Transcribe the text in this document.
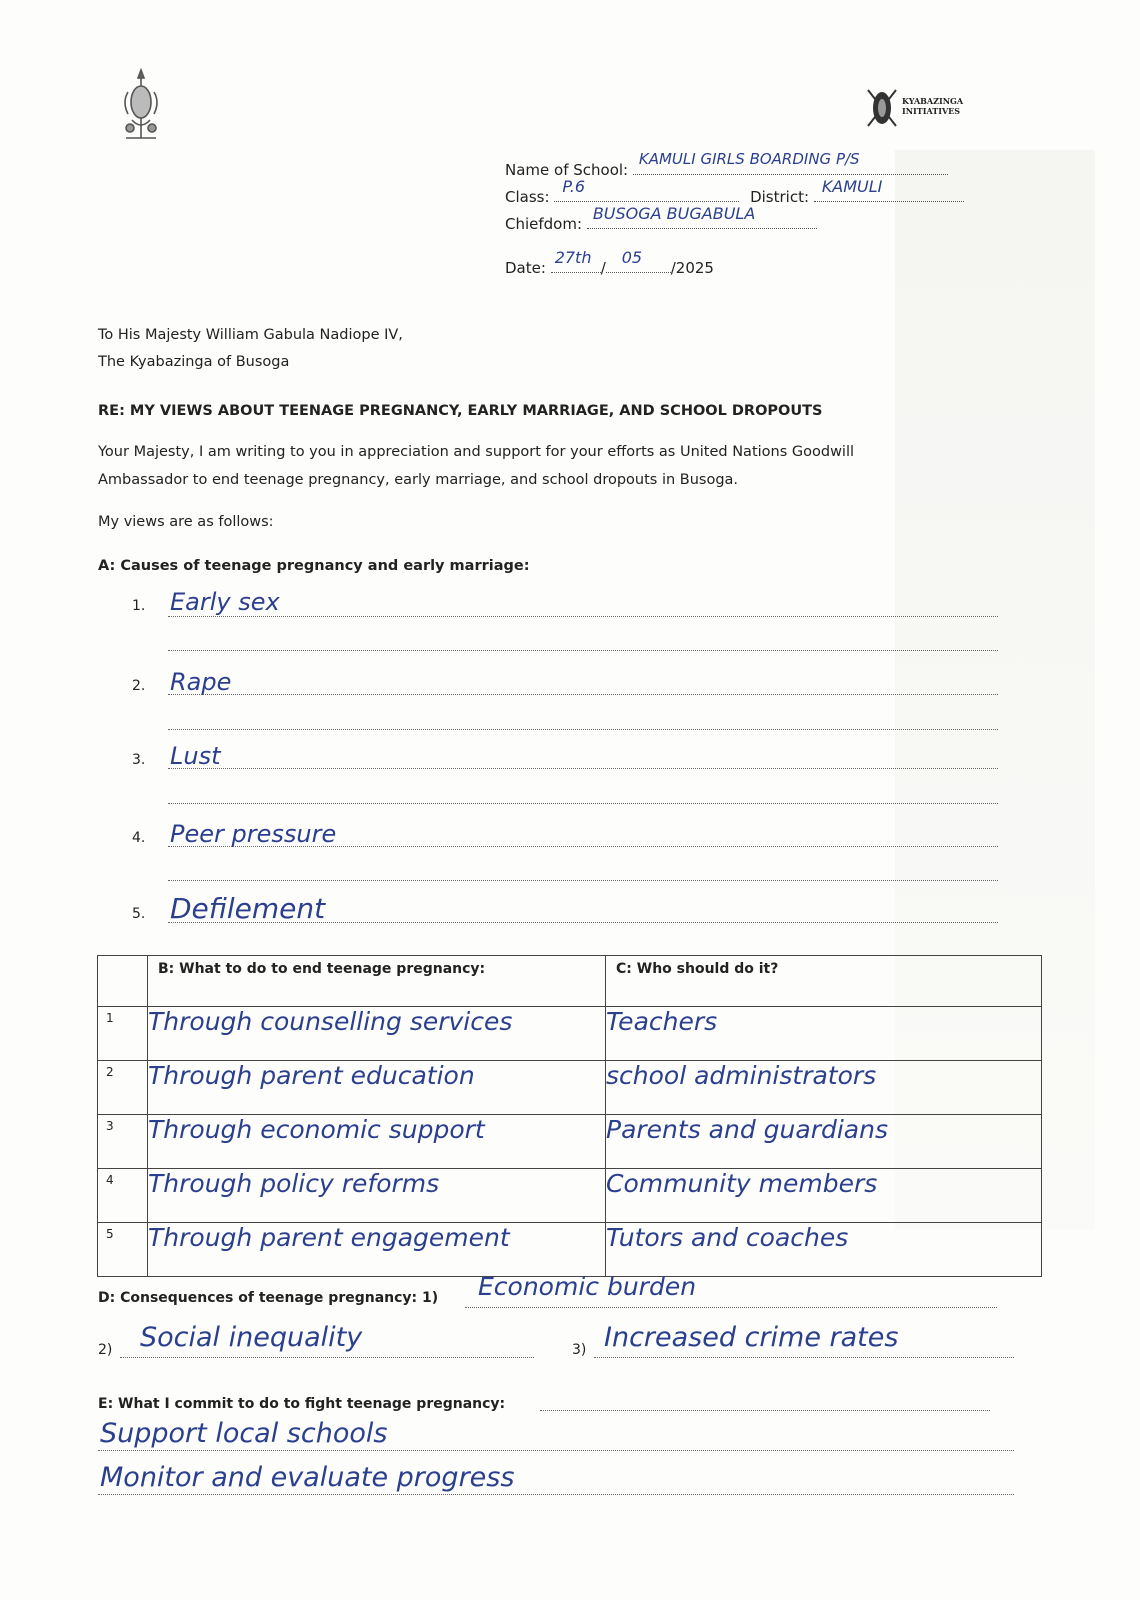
KYABAZINGA
INITIATIVES
Name of School:
KAMULI GIRLS BOARDING P/S
Class:
P.6
District:
KAMULI
Chiefdom:
BUSOGA BUGABULA
Date:
27th
/
05
/2025
To His Majesty William Gabula Nadiope IV,
The Kyabazinga of Busoga
RE: MY VIEWS ABOUT TEENAGE PREGNANCY, EARLY MARRIAGE, AND SCHOOL DROPOUTS
Your Majesty, I am writing to you in appreciation and support for your efforts as United Nations Goodwill
Ambassador to end teenage pregnancy, early marriage, and school dropouts in Busoga.
My views are as follows:
A: Causes of teenage pregnancy and early marriage:
1. Early sex
2. Rape
3. Lust
4. Peer pressure
5. Defilement
	B: What to do to end teenage pregnancy:	C: Who should do it?
1	Through counselling services	Teachers
2	Through parent education	school administrators
3	Through economic support	Parents and guardians
4	Through policy reforms	Community members
5	Through parent engagement	Tutors and coaches
D: Consequences of teenage pregnancy: 1) Economic burden
2) Social inequality	3) Increased crime rates
E: What I commit to do to fight teenage pregnancy:
Support local schools
Monitor and evaluate progress
